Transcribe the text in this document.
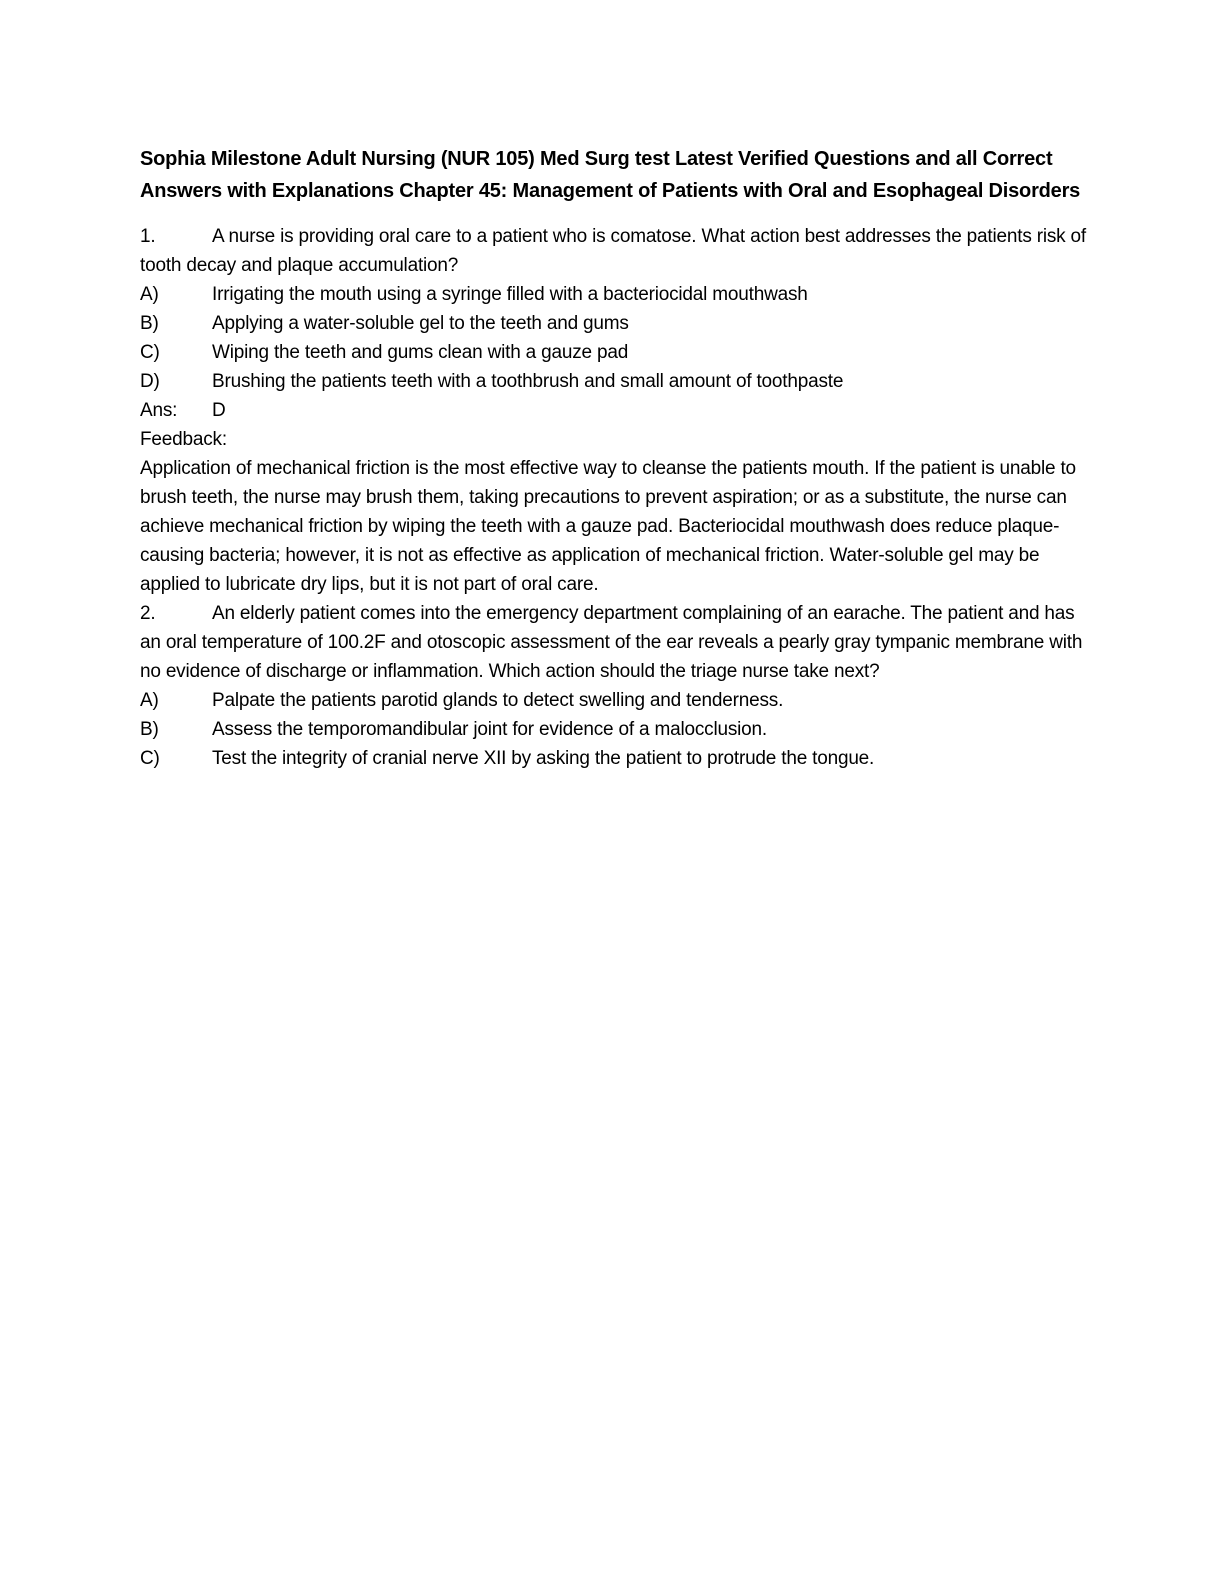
Sophia Milestone Adult Nursing (NUR 105) Med Surg test Latest Verified Questions and all Correct Answers with Explanations Chapter 45: Management of Patients with Oral and Esophageal Disorders

1.	A nurse is providing oral care to a patient who is comatose. What action best addresses the patients risk of tooth decay and plaque accumulation?

A)	Irrigating the mouth using a syringe filled with a bacteriocidal mouthwash

B)	Applying a water-soluble gel to the teeth and gums

C)	Wiping the teeth and gums clean with a gauze pad

D)	Brushing the patients teeth with a toothbrush and small amount of toothpaste

Ans: D

Feedback:

Application of mechanical friction is the most effective way to cleanse the patients mouth. If the patient is unable to brush teeth, the nurse may brush them, taking precautions to prevent aspiration; or as a substitute, the nurse can achieve mechanical friction by wiping the teeth with a gauze pad. Bacteriocidal mouthwash does reduce plaque-causing bacteria; however, it is not as effective as application of mechanical friction. Water-soluble gel may be applied to lubricate dry lips, but it is not part of oral care.

2.	An elderly patient comes into the emergency department complaining of an earache. The patient and has an oral temperature of 100.2F and otoscopic assessment of the ear reveals a pearly gray tympanic membrane with no evidence of discharge or inflammation. Which action should the triage nurse take next?

A)	Palpate the patients parotid glands to detect swelling and tenderness.

B)	Assess the temporomandibular joint for evidence of a malocclusion.

C)	Test the integrity of cranial nerve XII by asking the patient to protrude the tongue.
